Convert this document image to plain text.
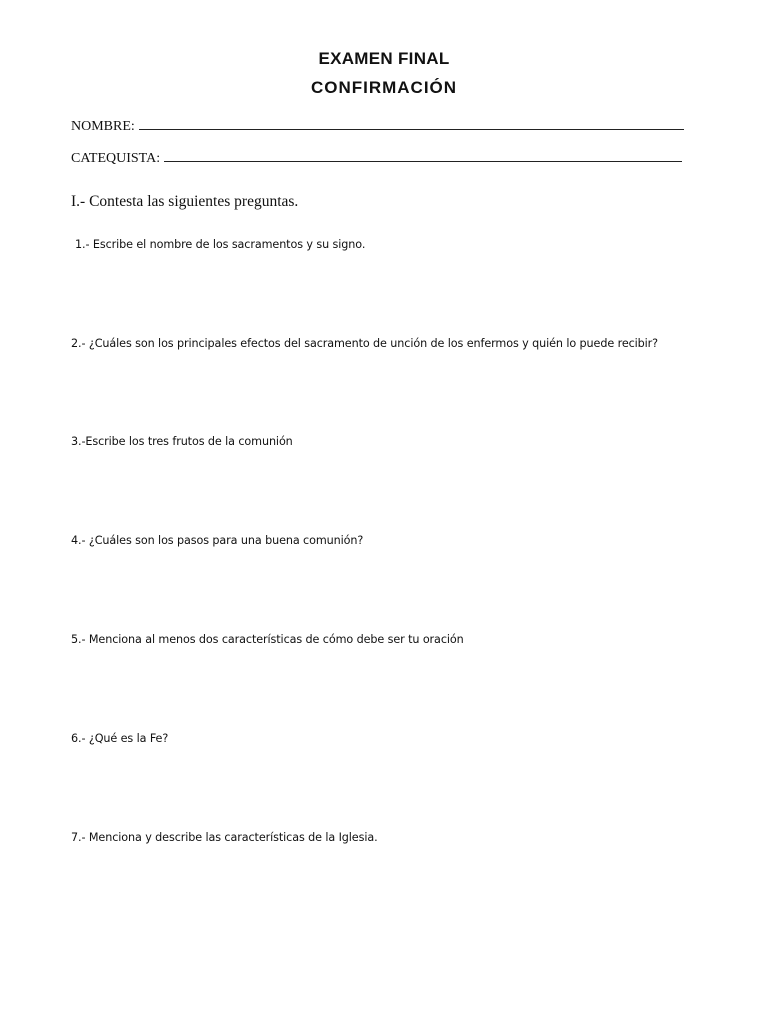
EXAMEN FINAL
CONFIRMACIÓN
NOMBRE:
CATEQUISTA:
I.- Contesta las siguientes preguntas.
1.- Escribe el nombre de los sacramentos y su signo.
2.- ¿Cuáles son los principales efectos del sacramento de unción de los enfermos y quién lo puede recibir?
3.-Escribe los tres frutos de la comunión
4.- ¿Cuáles son los pasos para una buena comunión?
5.- Menciona al menos dos características de cómo debe ser tu oración
6.- ¿Qué es la Fe?
7.- Menciona y describe las características de la Iglesia.
